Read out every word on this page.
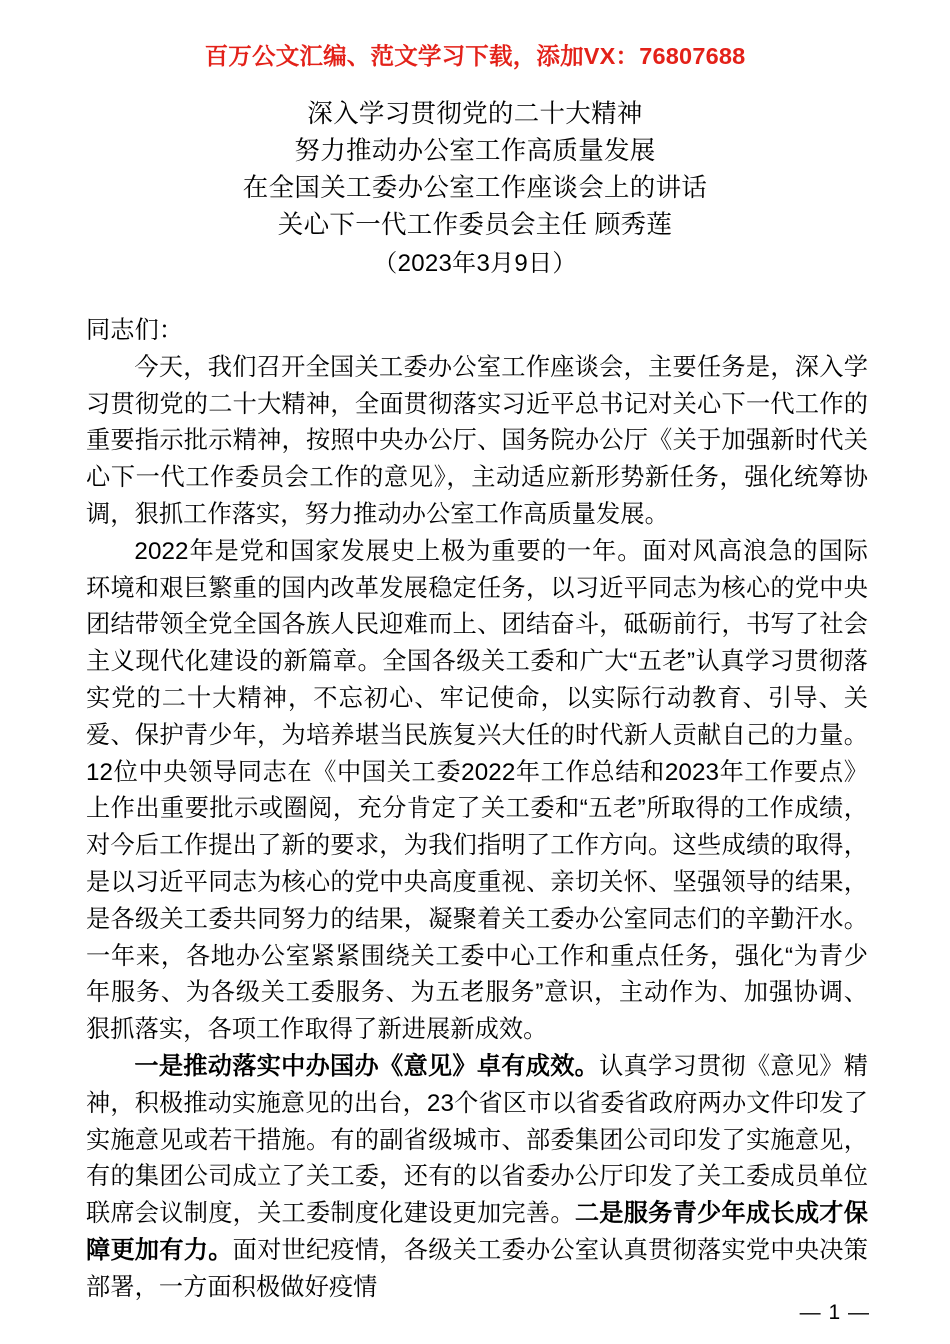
百万公文汇编、范文学习下载，添加VX：76807688
深入学习贯彻党的二十大精神
努力推动办公室工作高质量发展
在全国关工委办公室工作座谈会上的讲话
关心下一代工作委员会主任 顾秀莲
（2023年3月9日）

同志们：

今天，我们召开全国关工委办公室工作座谈会，主要任务是，深入学习贯彻党的二十大精神，全面贯彻落实习近平总书记对关心下一代工作的重要指示批示精神，按照中央办公厅、国务院办公厅《关于加强新时代关心下一代工作委员会工作的意见》，主动适应新形势新任务，强化统筹协调，狠抓工作落实，努力推动办公室工作高质量发展。

2022年是党和国家发展史上极为重要的一年。面对风高浪急的国际环境和艰巨繁重的国内改革发展稳定任务，以习近平同志为核心的党中央团结带领全党全国各族人民迎难而上、团结奋斗，砥砺前行，书写了社会主义现代化建设的新篇章。全国各级关工委和广大“五老”认真学习贯彻落实党的二十大精神，不忘初心、牢记使命，以实际行动教育、引导、关爱、保护青少年，为培养堪当民族复兴大任的时代新人贡献自己的力量。12位中央领导同志在《中国关工委2022年工作总结和2023年工作要点》上作出重要批示或圈阅，充分肯定了关工委和“五老”所取得的工作成绩，对今后工作提出了新的要求，为我们指明了工作方向。这些成绩的取得，是以习近平同志为核心的党中央高度重视、亲切关怀、坚强领导的结果，是各级关工委共同努力的结果，凝聚着关工委办公室同志们的辛勤汗水。一年来，各地办公室紧紧围绕关工委中心工作和重点任务，强化“为青少年服务、为各级关工委服务、为五老服务”意识，主动作为、加强协调、狠抓落实，各项工作取得了新进展新成效。

一是推动落实中办国办《意见》卓有成效。认真学习贯彻《意见》精神，积极推动实施意见的出台，23个省区市以省委省政府两办文件印发了实施意见或若干措施。有的副省级城市、部委集团公司印发了实施意见，有的集团公司成立了关工委，还有的以省委办公厅印发了关工委成员单位联席会议制度，关工委制度化建设更加完善。二是服务青少年成长成才保障更加有力。面对世纪疫情，各级关工委办公室认真贯彻落实党中央决策部署，一方面积极做好疫情

— 1 —
